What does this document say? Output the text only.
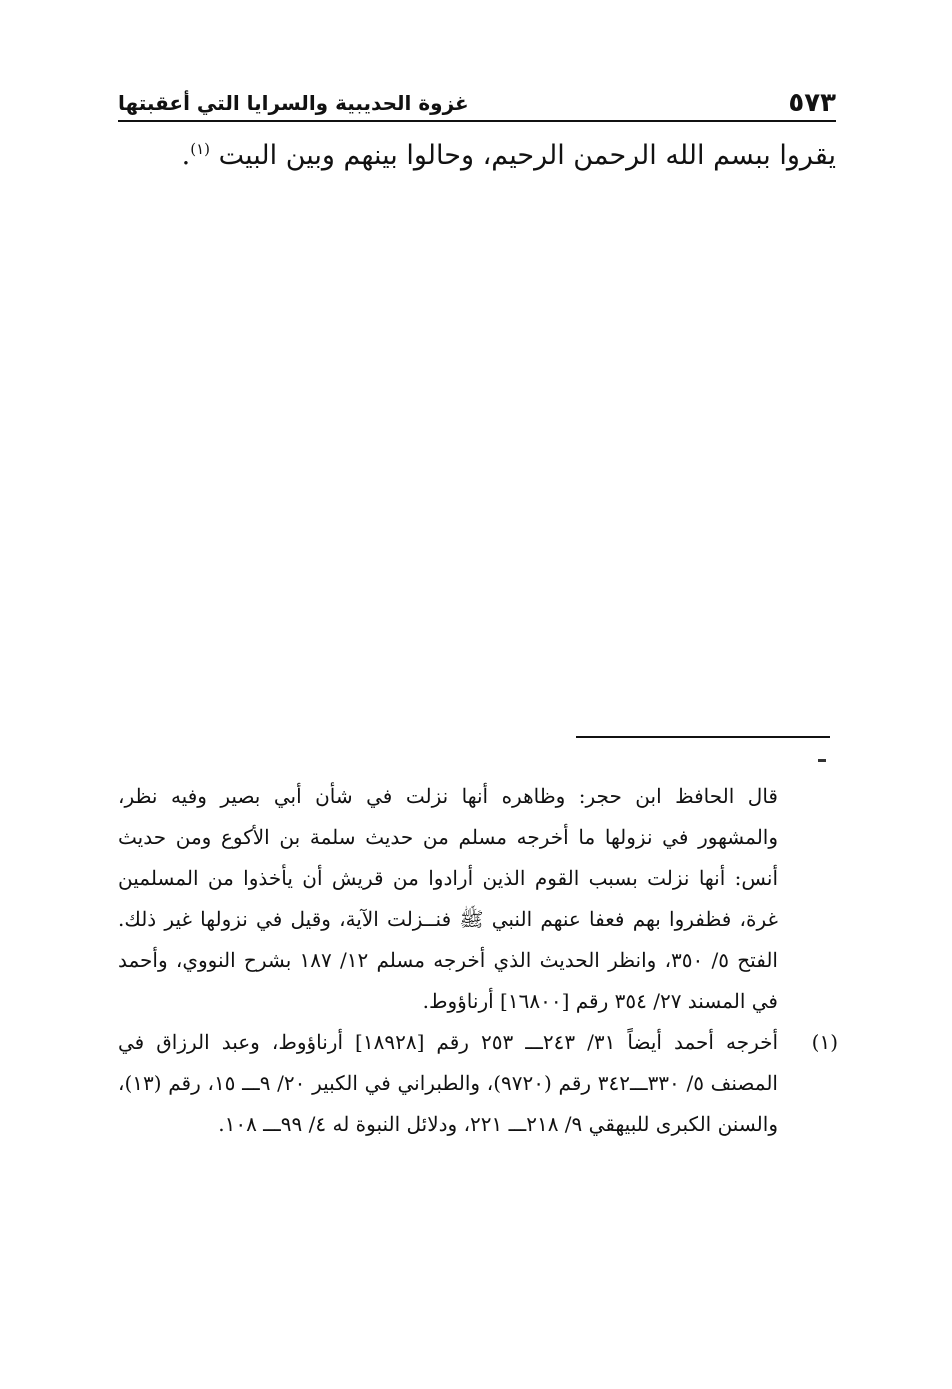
٥٧٣
غزوة الحديبية والسرايا التي أعقبتها
يقروا ببسم الله الرحمن الرحيم، وحالوا بينهم وبين البيت $^{(١)}$.
قال الحافظ ابن حجر: وظاهره أنها نزلت في شأن أبي بصير وفيه نظر، والمشهور في نزولها ما أخرجه مسلم من حديث سلمة بن الأكوع ومن حديث أنس: أنها نزلت بسبب القوم الذين أرادوا من قريش أن يأخذوا من المسلمين غرة، فظفروا بهم فعفا عنهم النبي ﷺ فنــزلت الآية، وقيل في نزولها غير ذلك. الفتح ٥/ ٣٥٠، وانظر الحديث الذي أخرجه مسلم ١٢/ ١٨٧ بشرح النووي، وأحمد في المسند ٢٧/ ٣٥٤ رقم [١٦٨٠٠] أرناؤوط.
(١)
أخرجه أحمد أيضاً ٣١/ ٢٤٣ـــ ٢٥٣ رقم [١٨٩٢٨] أرناؤوط، وعبد الرزاق في المصنف ٥/ ٣٣٠ـــ٣٤٢ رقم (٩٧٢٠)، والطبراني في الكبير ٢٠/ ٩ـــ ١٥، رقم (١٣)، والسنن الكبرى للبيهقي ٩/ ٢١٨ـــ ٢٢١، ودلائل النبوة له ٤/ ٩٩ـــ ١٠٨.
